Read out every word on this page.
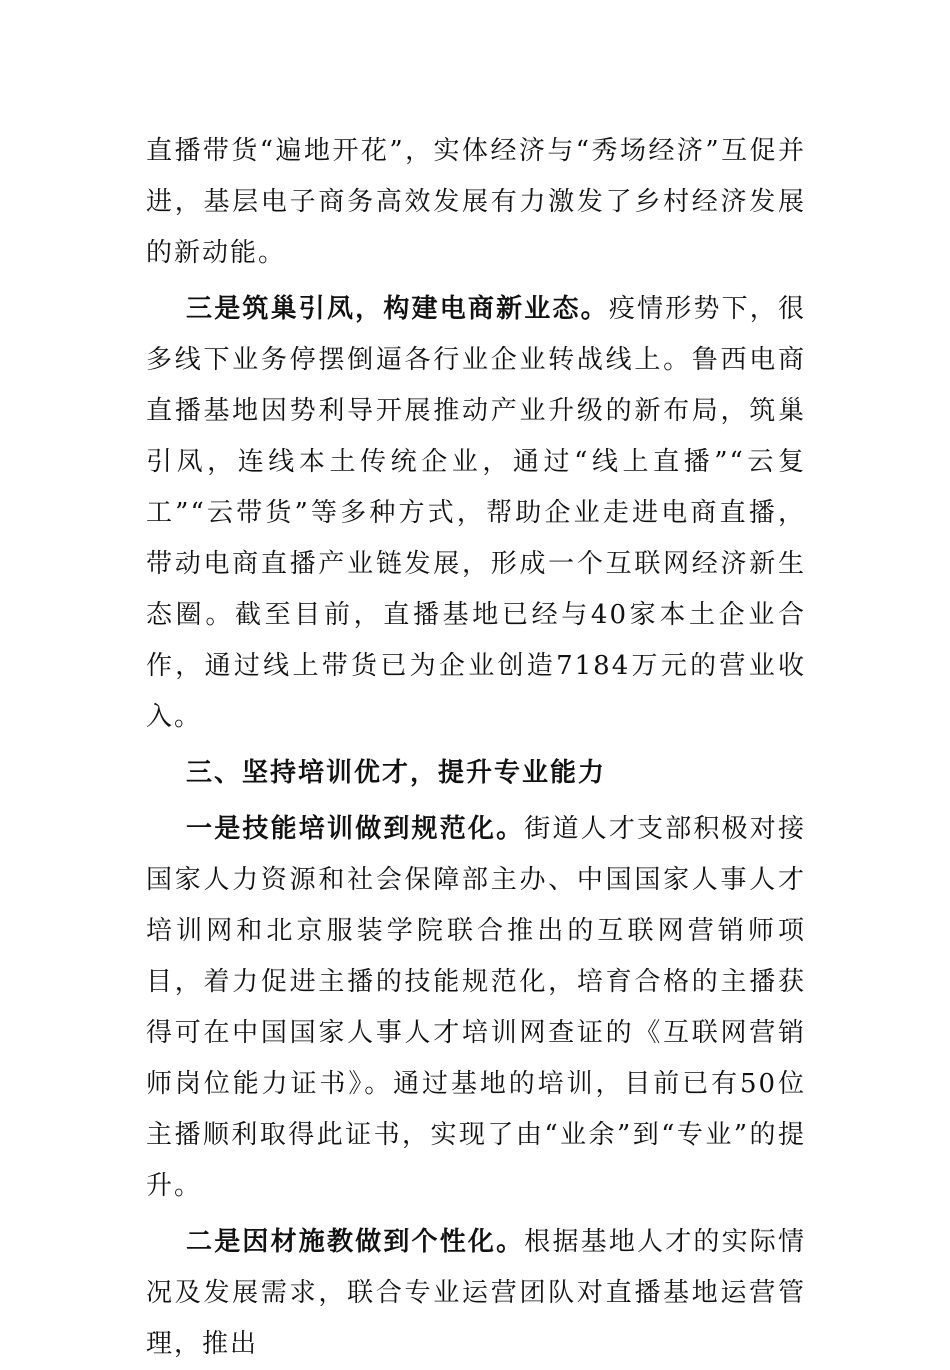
直播带货“遍地开花”，实体经济与“秀场经济”互促并进，基层电子商务高效发展有力激发了乡村经济发展的新动能。

三是筑巢引凤，构建电商新业态。疫情形势下，很多线下业务停摆倒逼各行业企业转战线上。鲁西电商直播基地因势利导开展推动产业升级的新布局，筑巢引凤，连线本土传统企业，通过“线上直播”“云复工”“云带货”等多种方式，帮助企业走进电商直播，带动电商直播产业链发展，形成一个互联网经济新生态圈。截至目前，直播基地已经与40家本土企业合作，通过线上带货已为企业创造7184万元的营业收入。

三、坚持培训优才，提升专业能力

一是技能培训做到规范化。街道人才支部积极对接国家人力资源和社会保障部主办、中国国家人事人才培训网和北京服装学院联合推出的互联网营销师项目，着力促进主播的技能规范化，培育合格的主播获得可在中国国家人事人才培训网查证的《互联网营销师岗位能力证书》。通过基地的培训，目前已有50位主播顺利取得此证书，实现了由“业余”到“专业”的提升。

二是因材施教做到个性化。根据基地人才的实际情况及发展需求，联合专业运营团队对直播基地运营管理，推出
